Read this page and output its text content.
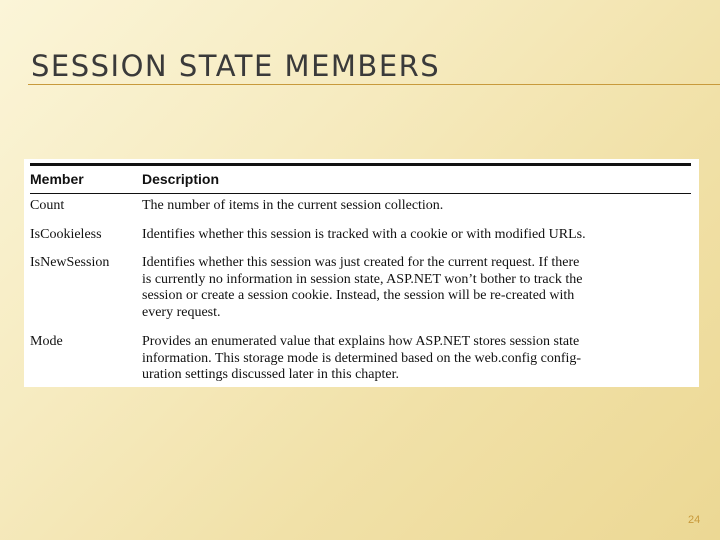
SESSION STATE MEMBERS
Member	Description
Count	The number of items in the current session collection.
IsCookieless	Identifies whether this session is tracked with a cookie or with modified URLs.
IsNewSession	Identifies whether this session was just created for the current request. If there
is currently no information in session state, ASP.NET won’t bother to track the
session or create a session cookie. Instead, the session will be re-created with
every request.
Mode	Provides an enumerated value that explains how ASP.NET stores session state
information. This storage mode is determined based on the web.config config-
uration settings discussed later in this chapter.
24
